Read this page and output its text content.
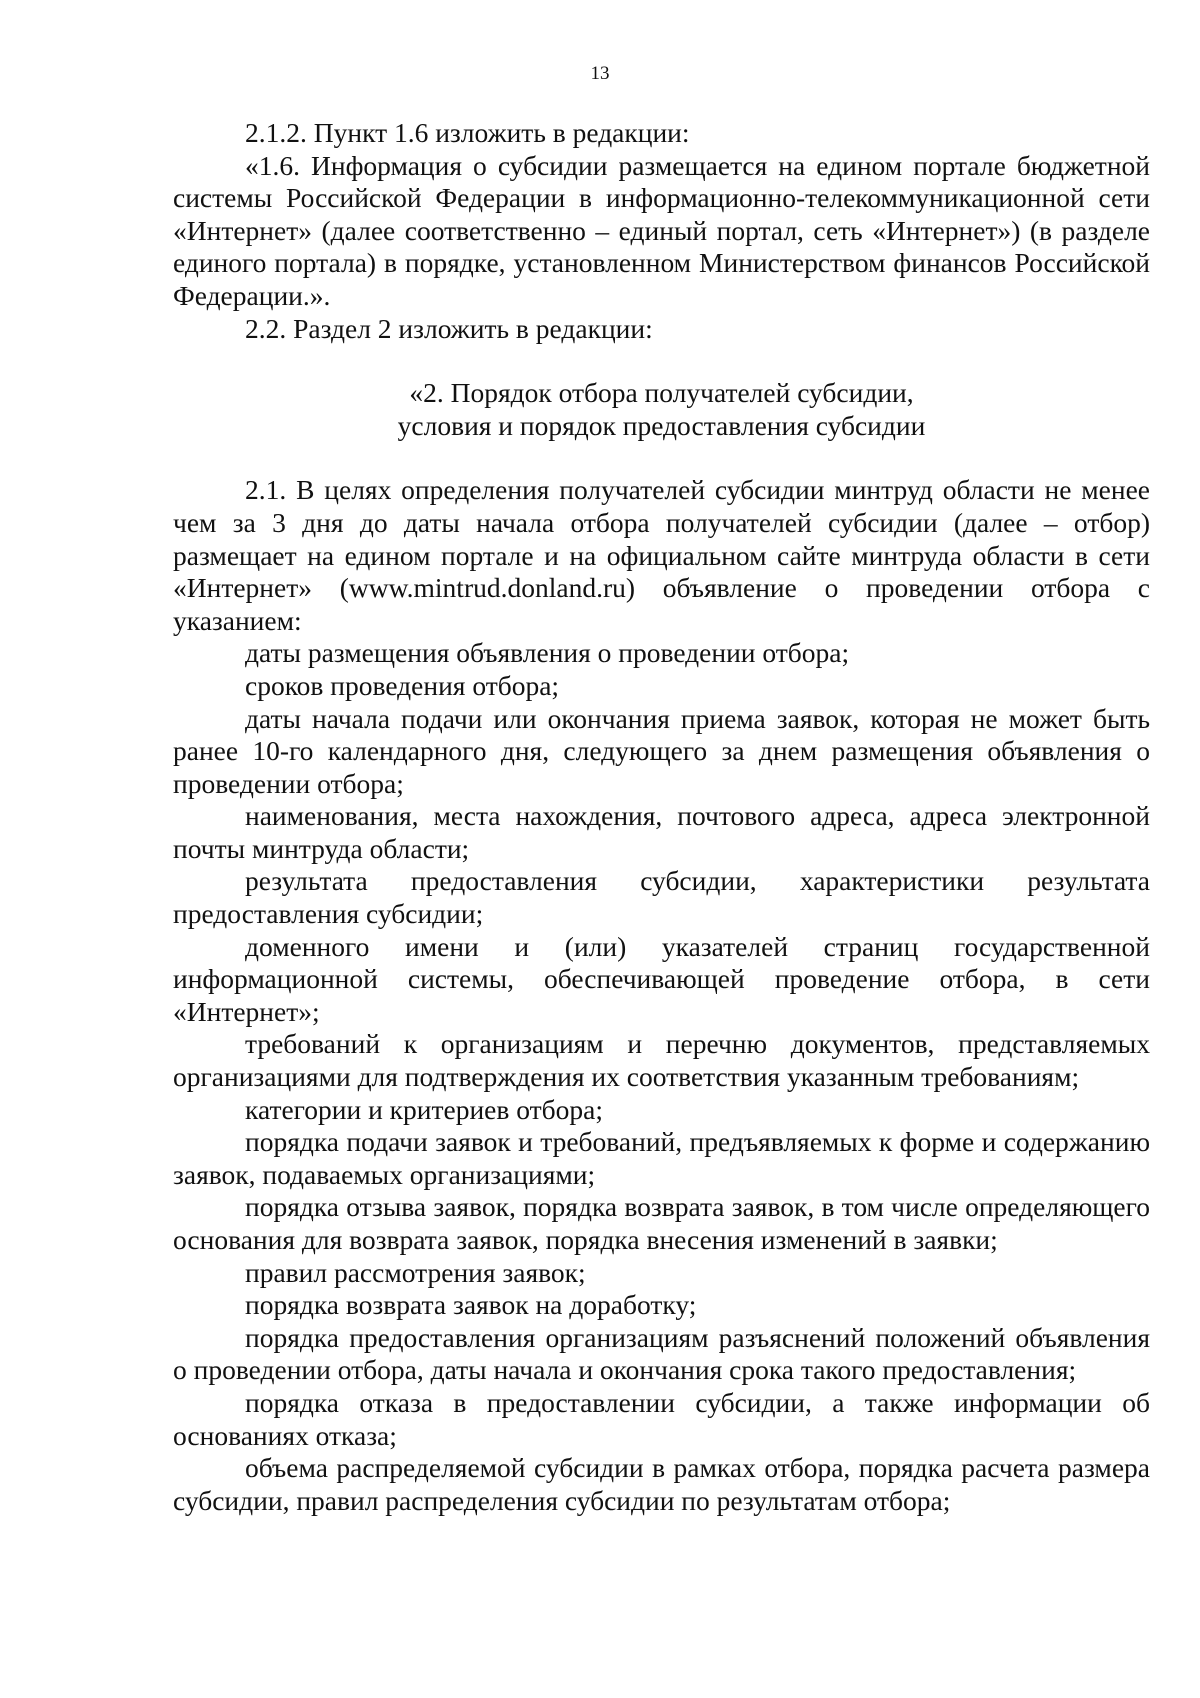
13

2.1.2. Пункт 1.6 изложить в редакции:

«1.6. Информация о субсидии размещается на едином портале бюджетной системы Российской Федерации в информационно-телекоммуникационной сети «Интернет» (далее соответственно – единый портал, сеть «Интернет») (в разделе единого портала) в порядке, установленном Министерством финансов Российской Федерации.».

2.2. Раздел 2 изложить в редакции:

«2. Порядок отбора получателей субсидии,
условия и порядок предоставления субсидии

2.1. В целях определения получателей субсидии минтруд области не менее чем за 3 дня до даты начала отбора получателей субсидии (далее – отбор) размещает на едином портале и на официальном сайте минтруда области в сети «Интернет» (www.mintrud.donland.ru) объявление о проведении отбора с указанием:

даты размещения объявления о проведении отбора;

сроков проведения отбора;

даты начала подачи или окончания приема заявок, которая не может быть ранее 10-го календарного дня, следующего за днем размещения объявления о проведении отбора;

наименования, места нахождения, почтового адреса, адреса электронной почты минтруда области;

результата предоставления субсидии, характеристики результата предоставления субсидии;

доменного имени и (или) указателей страниц государственной информационной системы, обеспечивающей проведение отбора, в сети «Интернет»;

требований к организациям и перечню документов, представляемых организациями для подтверждения их соответствия указанным требованиям;

категории и критериев отбора;

порядка подачи заявок и требований, предъявляемых к форме и содержанию заявок, подаваемых организациями;

порядка отзыва заявок, порядка возврата заявок, в том числе определяющего основания для возврата заявок, порядка внесения изменений в заявки;

правил рассмотрения заявок;

порядка возврата заявок на доработку;

порядка предоставления организациям разъяснений положений объявления о проведении отбора, даты начала и окончания срока такого предоставления;

порядка отказа в предоставлении субсидии, а также информации об основаниях отказа;

объема распределяемой субсидии в рамках отбора, порядка расчета размера субсидии, правил распределения субсидии по результатам отбора;
